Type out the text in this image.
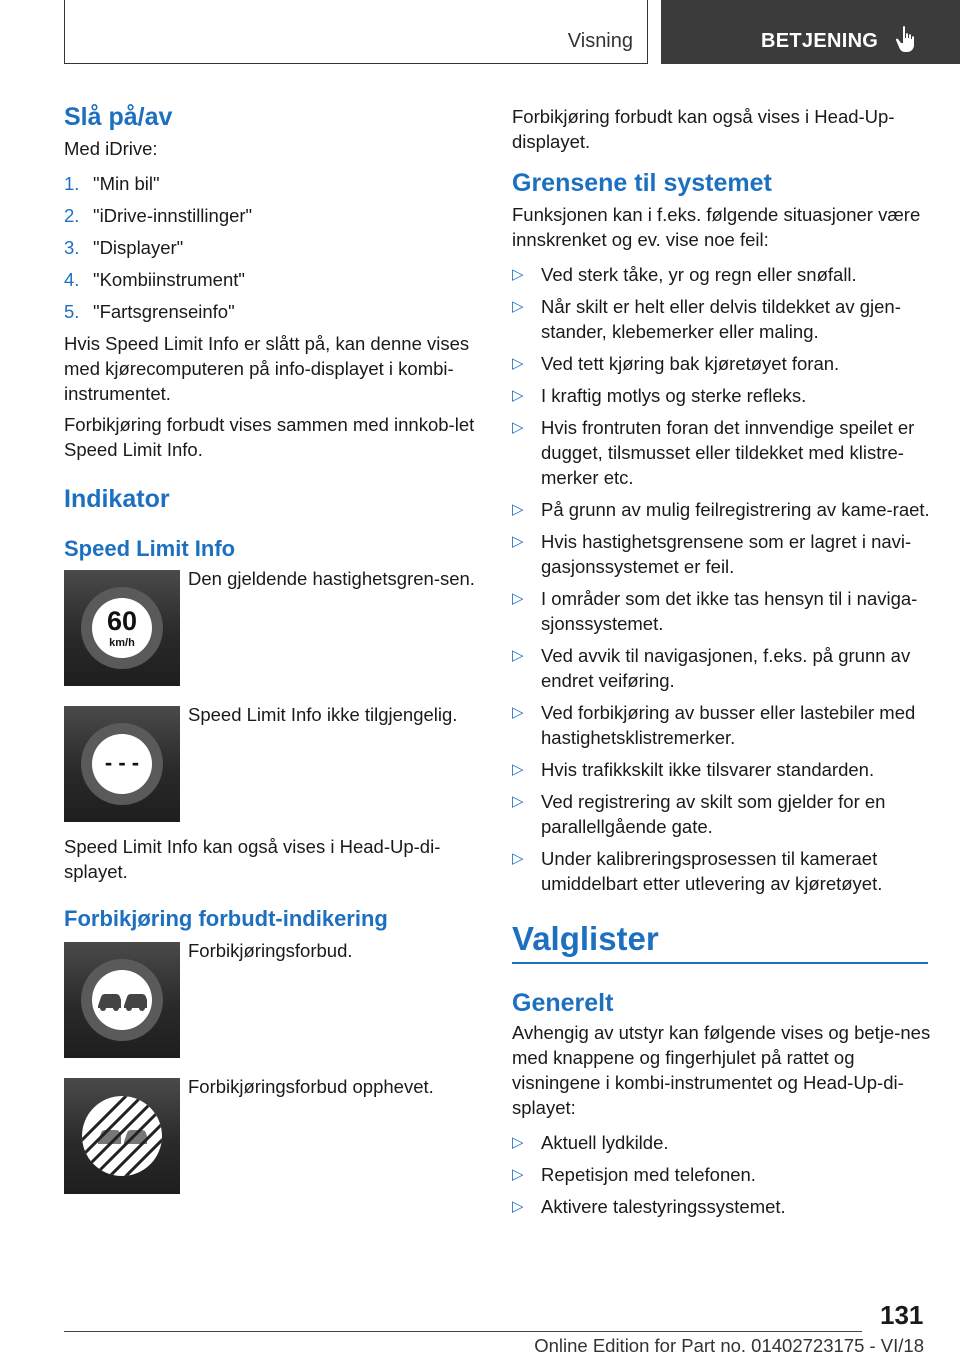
Visning	BETJENING
Slå på/av

Med iDrive:

1. "Min bil"
2. "iDrive-innstillinger"
3. "Displayer"
4. "Kombiinstrument"
5. "Fartsgrenseinfo"

Hvis Speed Limit Info er slått på, kan denne vises med kjørecomputeren på info-displayet i kombi-instrumentet.

Forbikjøring forbudt vises sammen med innkob-let Speed Limit Info.

Indikator
Speed Limit Info
60
km/h
Den gjeldende hastighetsgren-sen.
- - -
Speed Limit Info ikke tilgjengelig.

Speed Limit Info kan også vises i Head-Up-di-splayet.

Forbikjøring forbudt-indikering
Forbikjøringsforbud.
Forbikjøringsforbud opphevet.

Forbikjøring forbudt kan også vises i Head-Up-displayet.

Grensene til systemet

Funksjonen kan i f.eks. følgende situasjoner være innskrenket og ev. vise noe feil:

▷ Ved sterk tåke, yr og regn eller snøfall.
▷ Når skilt er helt eller delvis tildekket av gjen-stander, klebemerker eller maling.
▷ Ved tett kjøring bak kjøretøyet foran.
▷ I kraftig motlys og sterke refleks.
▷ Hvis frontruten foran det innvendige speilet er dugget, tilsmusset eller tildekket med klistre-merker etc.
▷ På grunn av mulig feilregistrering av kame-raet.
▷ Hvis hastighetsgrensene som er lagret i navi-gasjonssystemet er feil.
▷ I områder som det ikke tas hensyn til i naviga-sjonssystemet.
▷ Ved avvik til navigasjonen, f.eks. på grunn av endret veiføring.
▷ Ved forbikjøring av busser eller lastebiler med hastighetsklistremerker.
▷ Hvis trafikkskilt ikke tilsvarer standarden.
▷ Ved registrering av skilt som gjelder for en parallellgående gate.
▷ Under kalibreringsprosessen til kameraet umiddelbart etter utlevering av kjøretøyet.
Valglister
Generelt

Avhengig av utstyr kan følgende vises og betje-nes med knappene og fingerhjulet på rattet og visningene i kombi-instrumentet og Head-Up-di-splayet:

▷ Aktuell lydkilde.
▷ Repetisjon med telefonen.
▷ Aktivere talestyringssystemet.
131
Online Edition for Part no. 01402723175 - VI/18
